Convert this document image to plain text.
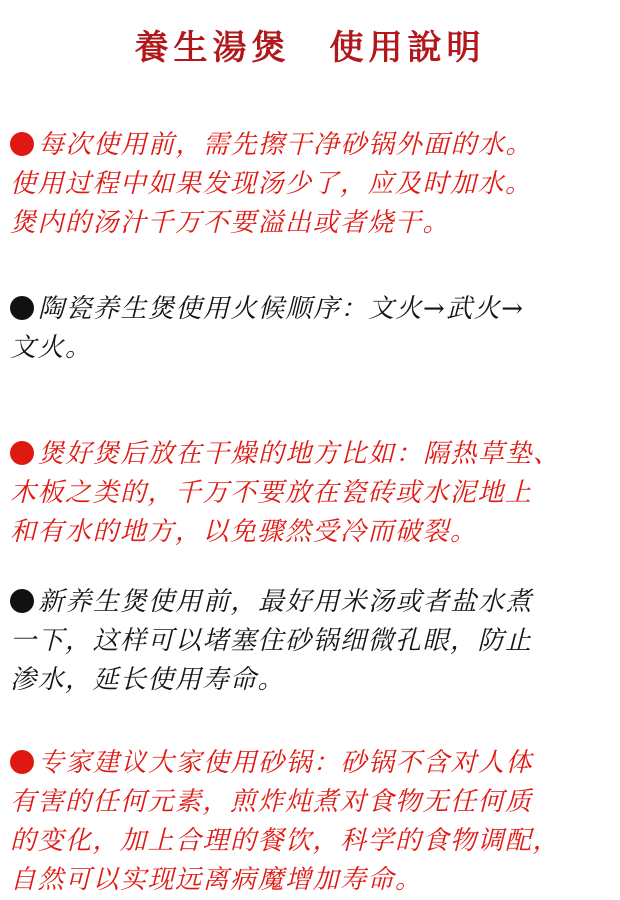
養生湯煲　使用說明
每次使用前，需先擦干净砂锅外面的水。
使用过程中如果发现汤少了，应及时加水。
煲内的汤汁千万不要溢出或者烧干。
陶瓷养生煲使用火候顺序：文火→武火→
文火。
煲好煲后放在干燥的地方比如：隔热草垫、
木板之类的，千万不要放在瓷砖或水泥地上
和有水的地方，以免骤然受冷而破裂。
新养生煲使用前，最好用米汤或者盐水煮
一下，这样可以堵塞住砂锅细微孔眼，防止
渗水，延长使用寿命。
专家建议大家使用砂锅：砂锅不含对人体
有害的任何元素，煎炸炖煮对食物无任何质
的变化，加上合理的餐饮，科学的食物调配，
自然可以实现远离病魔增加寿命。
